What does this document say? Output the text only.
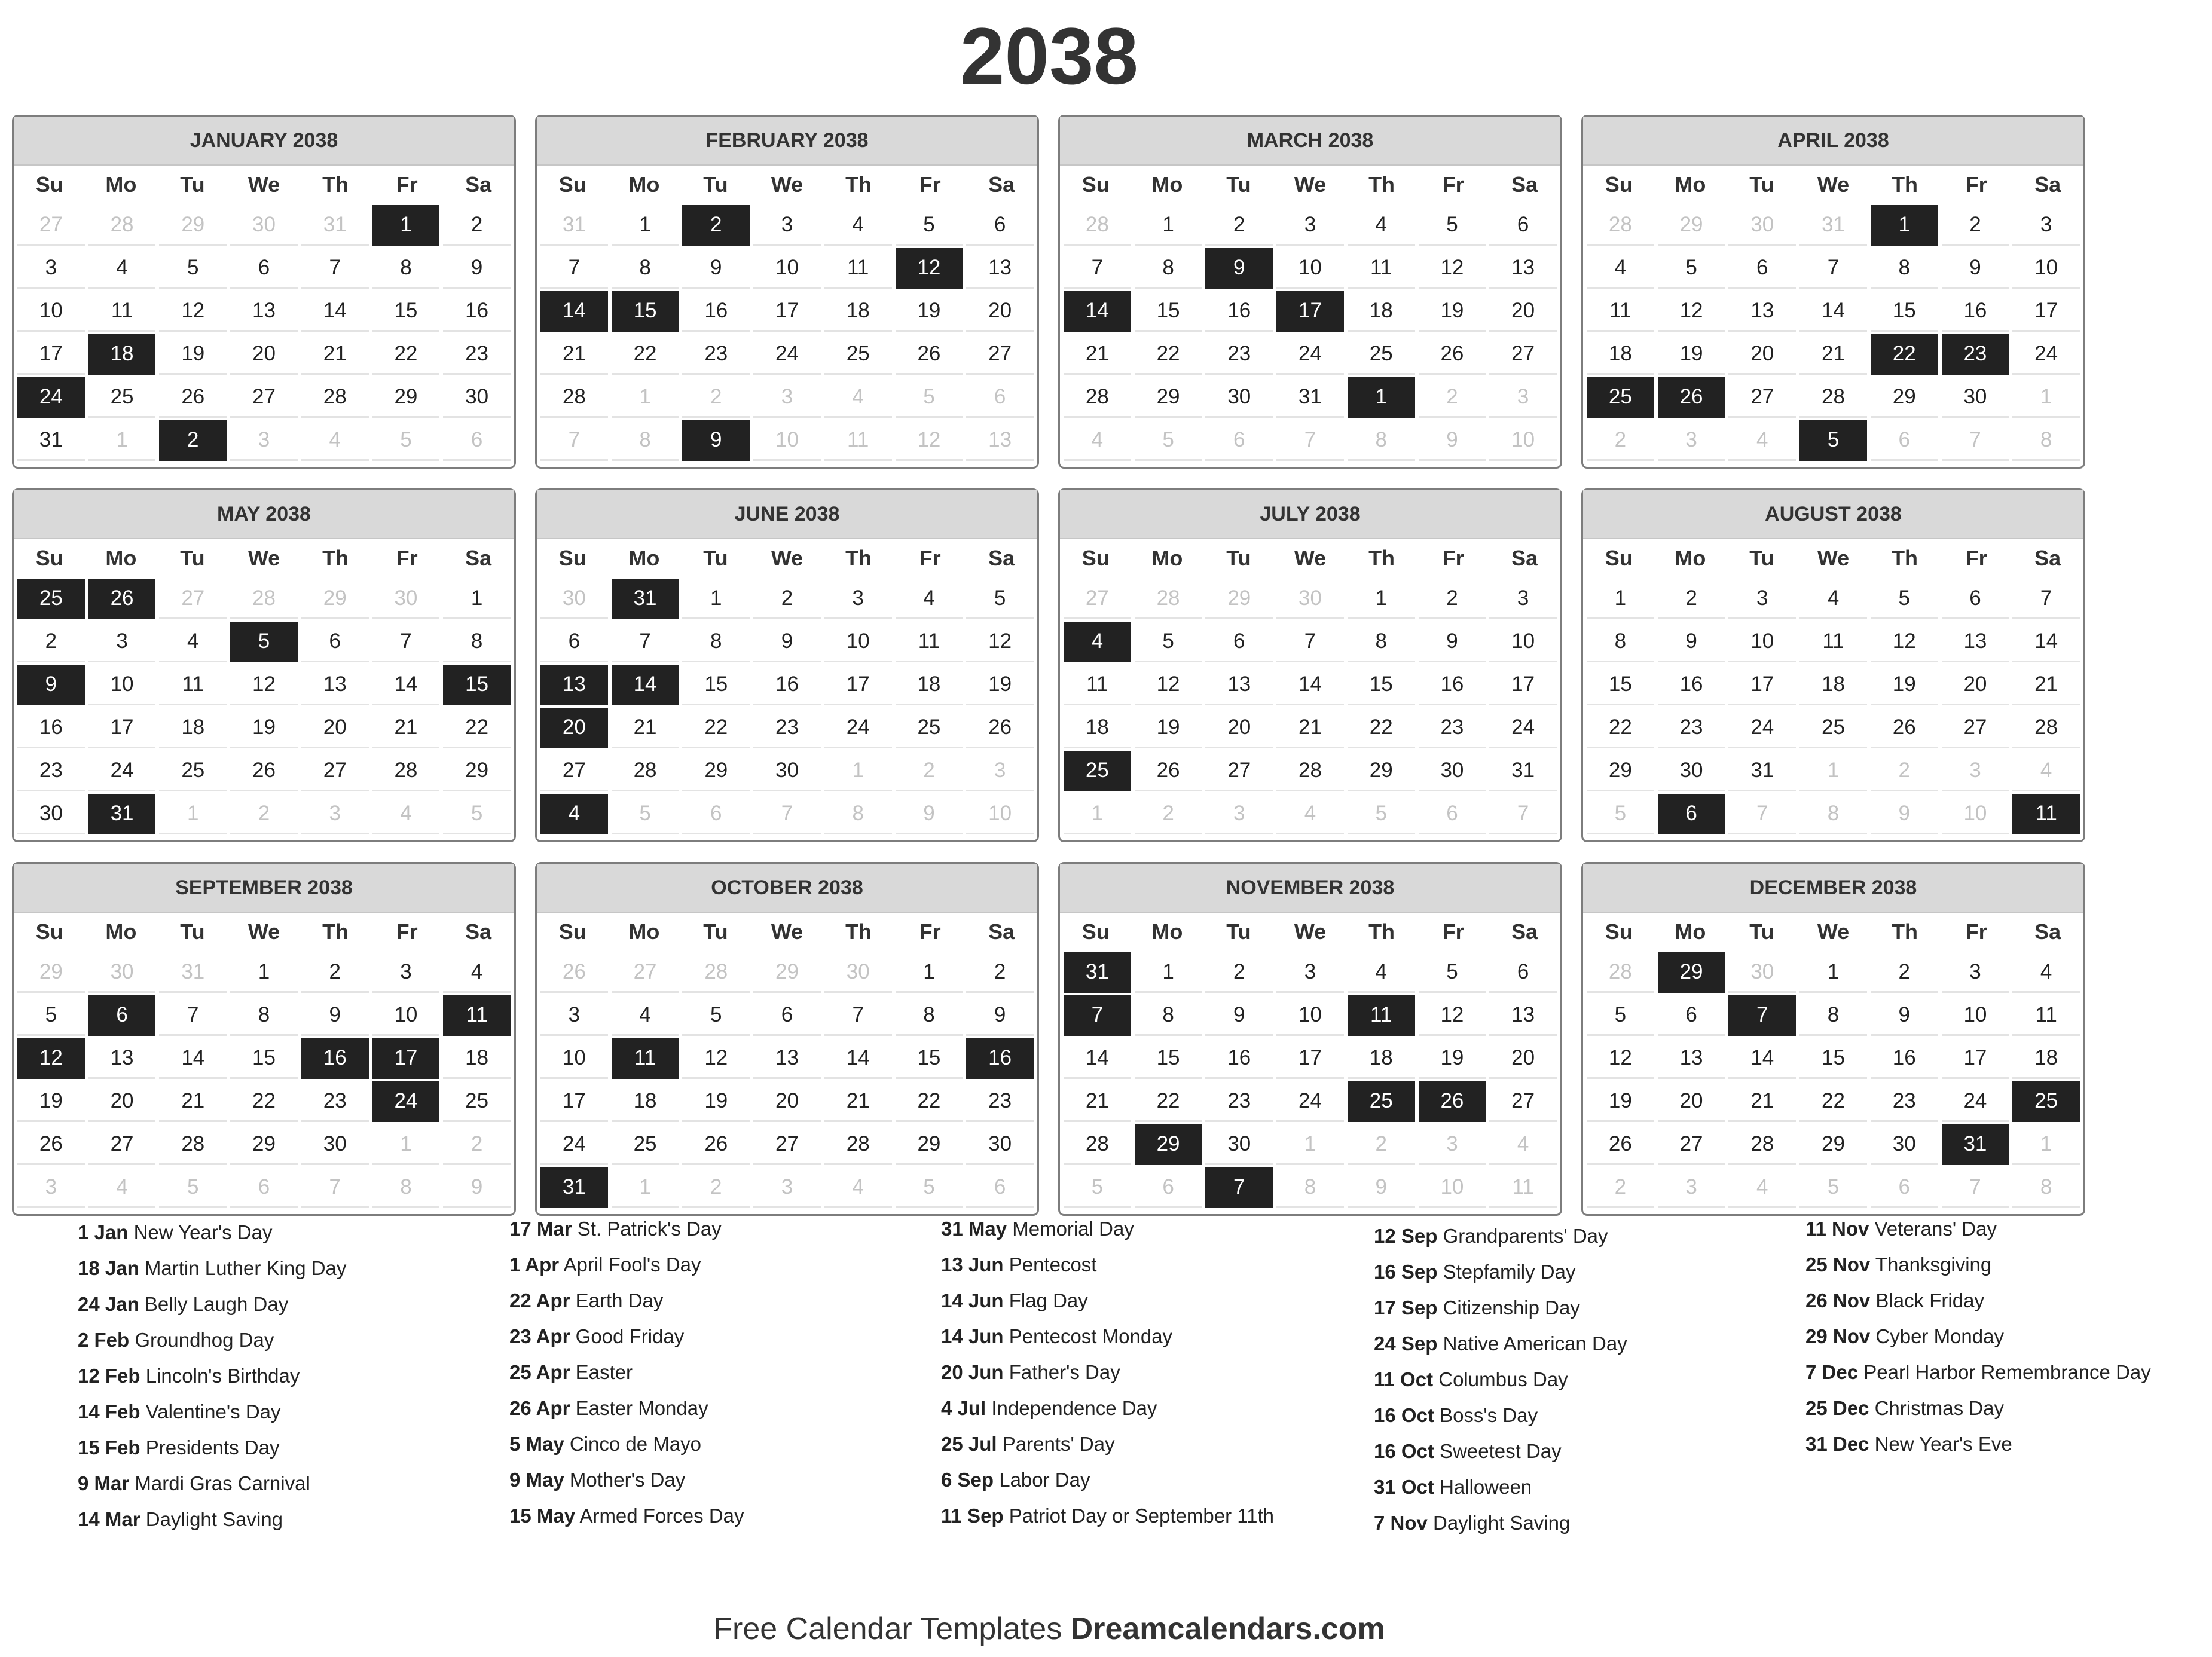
2038
JANUARY 2038
Su	Mo	Tu	We	Th	Fr	Sa
27	28	29	30	31	1	2
3	4	5	6	7	8	9
10	11	12	13	14	15	16
17	18	19	20	21	22	23
24	25	26	27	28	29	30
31	1	2	3	4	5	6
FEBRUARY 2038
Su	Mo	Tu	We	Th	Fr	Sa
31	1	2	3	4	5	6
7	8	9	10	11	12	13
14	15	16	17	18	19	20
21	22	23	24	25	26	27
28	1	2	3	4	5	6
7	8	9	10	11	12	13
MARCH 2038
Su	Mo	Tu	We	Th	Fr	Sa
28	1	2	3	4	5	6
7	8	9	10	11	12	13
14	15	16	17	18	19	20
21	22	23	24	25	26	27
28	29	30	31	1	2	3
4	5	6	7	8	9	10
APRIL 2038
Su	Mo	Tu	We	Th	Fr	Sa
28	29	30	31	1	2	3
4	5	6	7	8	9	10
11	12	13	14	15	16	17
18	19	20	21	22	23	24
25	26	27	28	29	30	1
2	3	4	5	6	7	8
MAY 2038
Su	Mo	Tu	We	Th	Fr	Sa
25	26	27	28	29	30	1
2	3	4	5	6	7	8
9	10	11	12	13	14	15
16	17	18	19	20	21	22
23	24	25	26	27	28	29
30	31	1	2	3	4	5
JUNE 2038
Su	Mo	Tu	We	Th	Fr	Sa
30	31	1	2	3	4	5
6	7	8	9	10	11	12
13	14	15	16	17	18	19
20	21	22	23	24	25	26
27	28	29	30	1	2	3
4	5	6	7	8	9	10
JULY 2038
Su	Mo	Tu	We	Th	Fr	Sa
27	28	29	30	1	2	3
4	5	6	7	8	9	10
11	12	13	14	15	16	17
18	19	20	21	22	23	24
25	26	27	28	29	30	31
1	2	3	4	5	6	7
AUGUST 2038
Su	Mo	Tu	We	Th	Fr	Sa
1	2	3	4	5	6	7
8	9	10	11	12	13	14
15	16	17	18	19	20	21
22	23	24	25	26	27	28
29	30	31	1	2	3	4
5	6	7	8	9	10	11
SEPTEMBER 2038
Su	Mo	Tu	We	Th	Fr	Sa
29	30	31	1	2	3	4
5	6	7	8	9	10	11
12	13	14	15	16	17	18
19	20	21	22	23	24	25
26	27	28	29	30	1	2
3	4	5	6	7	8	9
OCTOBER 2038
Su	Mo	Tu	We	Th	Fr	Sa
26	27	28	29	30	1	2
3	4	5	6	7	8	9
10	11	12	13	14	15	16
17	18	19	20	21	22	23
24	25	26	27	28	29	30
31	1	2	3	4	5	6
NOVEMBER 2038
Su	Mo	Tu	We	Th	Fr	Sa
31	1	2	3	4	5	6
7	8	9	10	11	12	13
14	15	16	17	18	19	20
21	22	23	24	25	26	27
28	29	30	1	2	3	4
5	6	7	8	9	10	11
DECEMBER 2038
Su	Mo	Tu	We	Th	Fr	Sa
28	29	30	1	2	3	4
5	6	7	8	9	10	11
12	13	14	15	16	17	18
19	20	21	22	23	24	25
26	27	28	29	30	31	1
2	3	4	5	6	7	8
1 Jan New Year's Day
18 Jan Martin Luther King Day
24 Jan Belly Laugh Day
2 Feb Groundhog Day
12 Feb Lincoln's Birthday
14 Feb Valentine's Day
15 Feb Presidents Day
9 Mar Mardi Gras Carnival
14 Mar Daylight Saving
17 Mar St. Patrick's Day
1 Apr April Fool's Day
22 Apr Earth Day
23 Apr Good Friday
25 Apr Easter
26 Apr Easter Monday
5 May Cinco de Mayo
9 May Mother's Day
15 May Armed Forces Day
31 May Memorial Day
13 Jun Pentecost
14 Jun Flag Day
14 Jun Pentecost Monday
20 Jun Father's Day
4 Jul Independence Day
25 Jul Parents' Day
6 Sep Labor Day
11 Sep Patriot Day or September 11th
12 Sep Grandparents' Day
16 Sep Stepfamily Day
17 Sep Citizenship Day
24 Sep Native American Day
11 Oct Columbus Day
16 Oct Boss's Day
16 Oct Sweetest Day
31 Oct Halloween
7 Nov Daylight Saving
11 Nov Veterans' Day
25 Nov Thanksgiving
26 Nov Black Friday
29 Nov Cyber Monday
7 Dec Pearl Harbor Remembrance Day
25 Dec Christmas Day
31 Dec New Year's Eve
Free Calendar Templates Dreamcalendars.com
